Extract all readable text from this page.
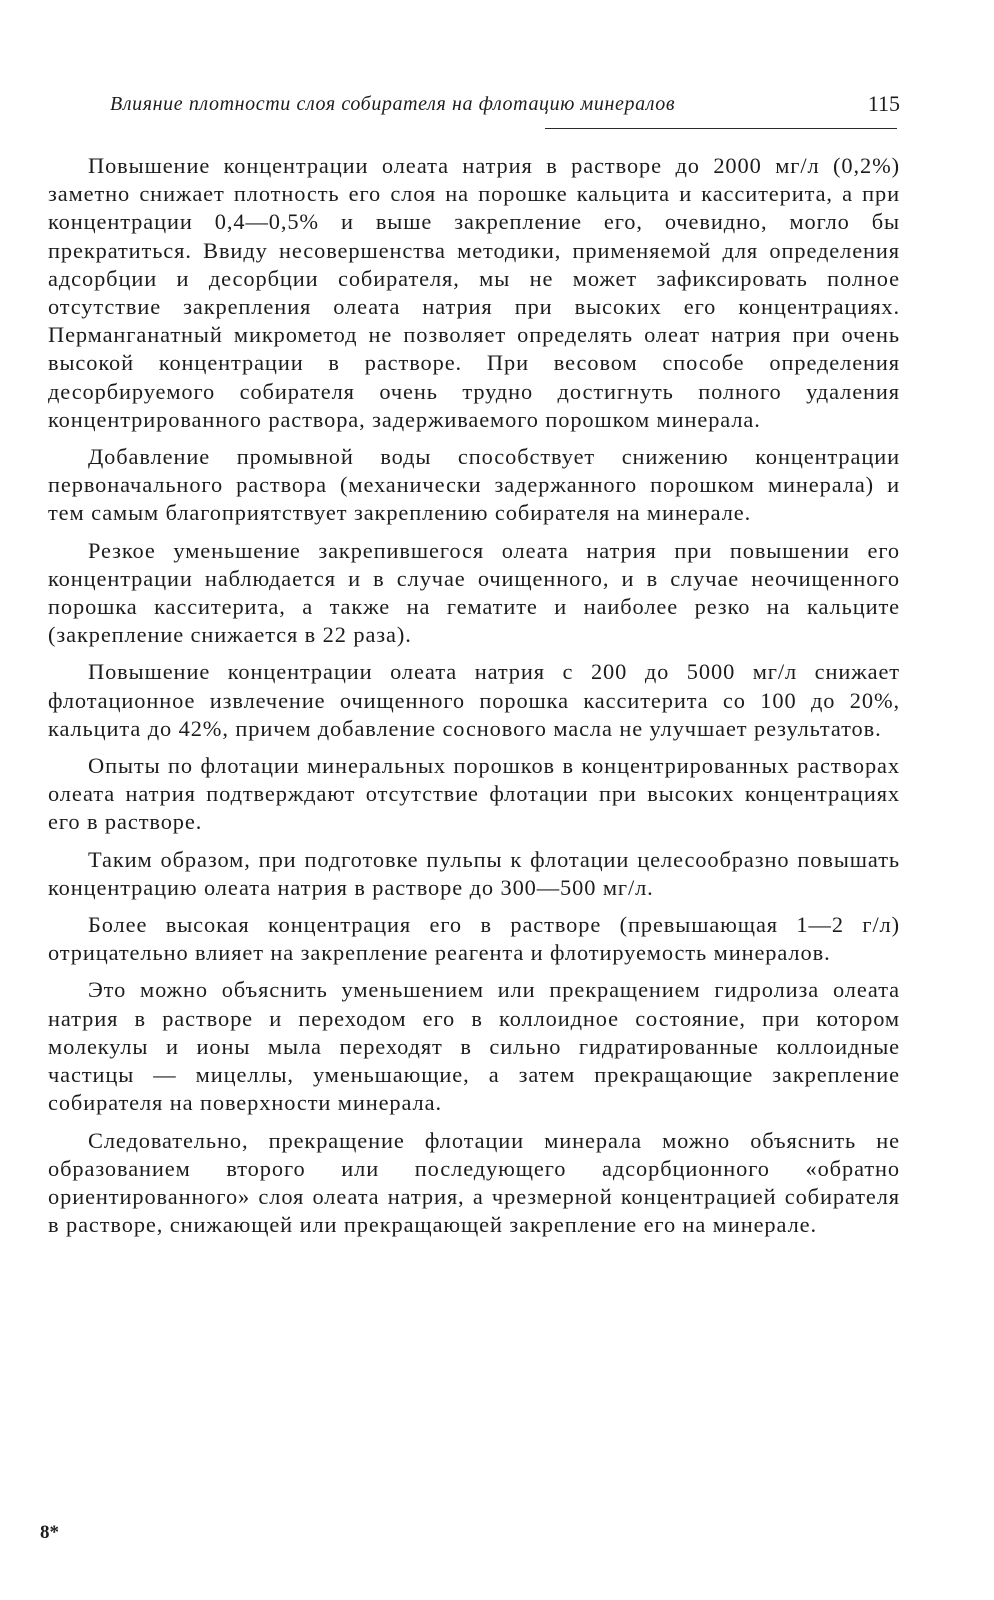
Влияние плотности слоя собирателя на флотацию минералов	115

Повышение концентрации олеата натрия в растворе до 2000 мг/л (0,2%) заметно снижает плотность его слоя на порошке кальцита и касситерита, а при концентрации 0,4—0,5% и выше закрепление его, очевидно, могло бы прекратиться. Ввиду несовершенства методики, применяемой для определения адсорбции и десорбции собирателя, мы не может зафиксировать полное отсутствие закрепления олеата натрия при высоких его концентрациях. Перманганатный микрометод не позволяет определять олеат натрия при очень высокой концентрации в растворе. При весовом способе определения десорбируемого собирателя очень трудно достигнуть полного удаления концентрированного раствора, задерживаемого порошком минерала.

Добавление промывной воды способствует снижению концентрации первоначального раствора (механически задержанного порошком минерала) и тем самым благоприятствует закреплению собирателя на минерале.

Резкое уменьшение закрепившегося олеата натрия при повышении его концентрации наблюдается и в случае очищенного, и в случае неочищенного порошка касситерита, а также на гематите и наиболее резко на кальците (закрепление снижается в 22 раза).

Повышение концентрации олеата натрия с 200 до 5000 мг/л снижает флотационное извлечение очищенного порошка касситерита со 100 до 20%, кальцита до 42%, причем добавление соснового масла не улучшает результатов.

Опыты по флотации минеральных порошков в концентрированных растворах олеата натрия подтверждают отсутствие флотации при высоких концентрациях его в растворе.

Таким образом, при подготовке пульпы к флотации целесообразно повышать концентрацию олеата натрия в растворе до 300—500 мг/л.

Более высокая концентрация его в растворе (превышающая 1—2 г/л) отрицательно влияет на закрепление реагента и флотируемость минералов.

Это можно объяснить уменьшением или прекращением гидролиза олеата натрия в растворе и переходом его в коллоидное состояние, при котором молекулы и ионы мыла переходят в сильно гидратированные коллоидные частицы — мицеллы, уменьшающие, а затем прекращающие закрепление собирателя на поверхности минерала.

Следовательно, прекращение флотации минерала можно объяснить не образованием второго или последующего адсорбционного «обратно ориентированного» слоя олеата натрия, а чрезмерной концентрацией собирателя в растворе, снижающей или прекращающей закрепление его на минерале.

8*
